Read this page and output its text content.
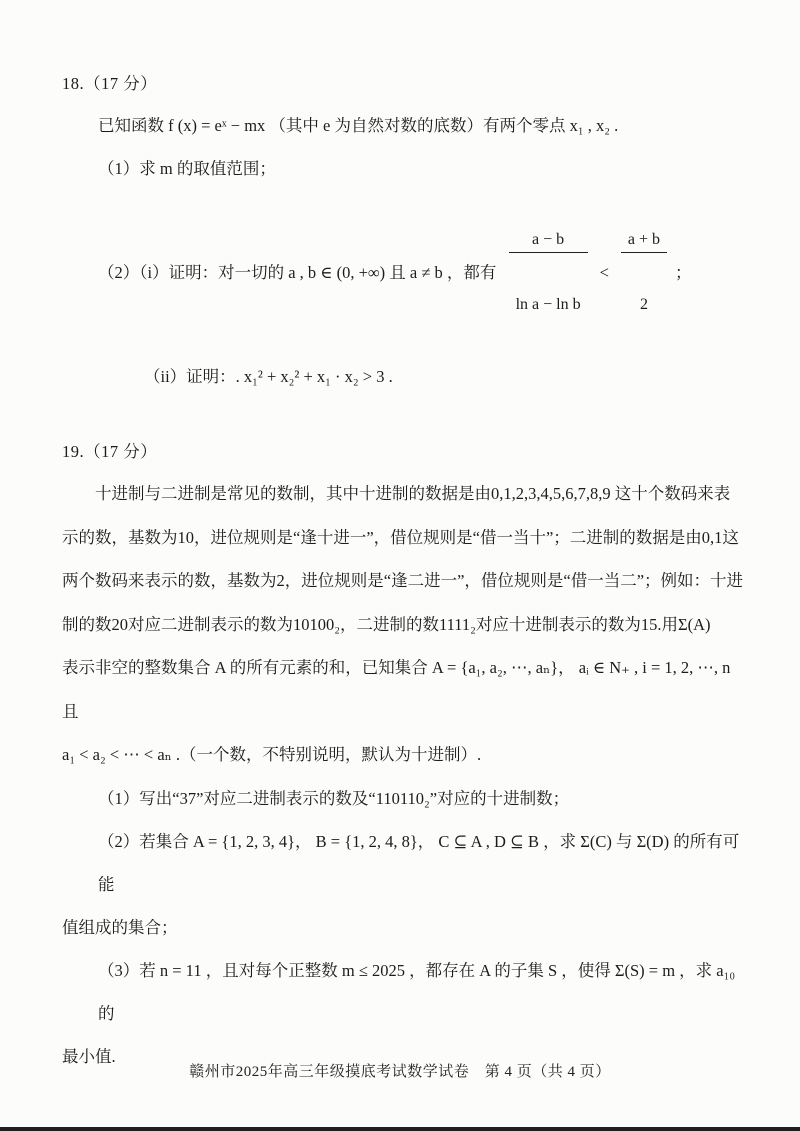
18.（17 分）

已知函数 f (x) = eˣ − mx （其中 e 为自然对数的底数）有两个零点 x₁ , x₂ .

（1）求 m 的取值范围；

（2）（i）证明：对一切的 a , b ∈ (0, +∞) 且 a ≠ b ，都有

$\frac{a - b}{\text{ln a − ln b}}$

<

$\frac{a + b}{2}$

；

（ii）证明：. x₁² + x₂² + x₁ · x₂ > 3 .

19.（17 分）
十进制与二进制是常见的数制，其中十进制的数据是由0,1,2,3,4,5,6,7,8,9 这十个数码来表
示的数，基数为10，进位规则是“逢十进一”，借位规则是“借一当十”；二进制的数据是由0,1这
两个数码来表示的数，基数为2，进位规则是“逢二进一”，借位规则是“借一当二”；例如：十进
制的数20对应二进制表示的数为10100₂，二进制的数1111₂对应十进制表示的数为15.用Σ(A)
表示非空的整数集合 A 的所有元素的和，已知集合 A = {a₁, a₂, ⋯, aₙ}， aᵢ ∈ N₊ , i = 1, 2, ⋯, n 且
a₁ < a₂ < ⋯ < aₙ .（一个数，不特别说明，默认为十进制）.

（1）写出“37”对应二进制表示的数及“110110₂”对应的十进制数；

（2）若集合 A = {1, 2, 3, 4}， B = {1, 2, 4, 8}， C ⊆ A , D ⊆ B ，求 Σ(C) 与 Σ(D) 的所有可能

值组成的集合；

（3）若 n = 11 ，且对每个正整数 m ≤ 2025 ，都存在 A 的子集 S ，使得 Σ(S) = m ，求 a₁₀ 的

最小值.

赣州市2025年高三年级摸底考试数学试卷　第 4 页（共 4 页）
